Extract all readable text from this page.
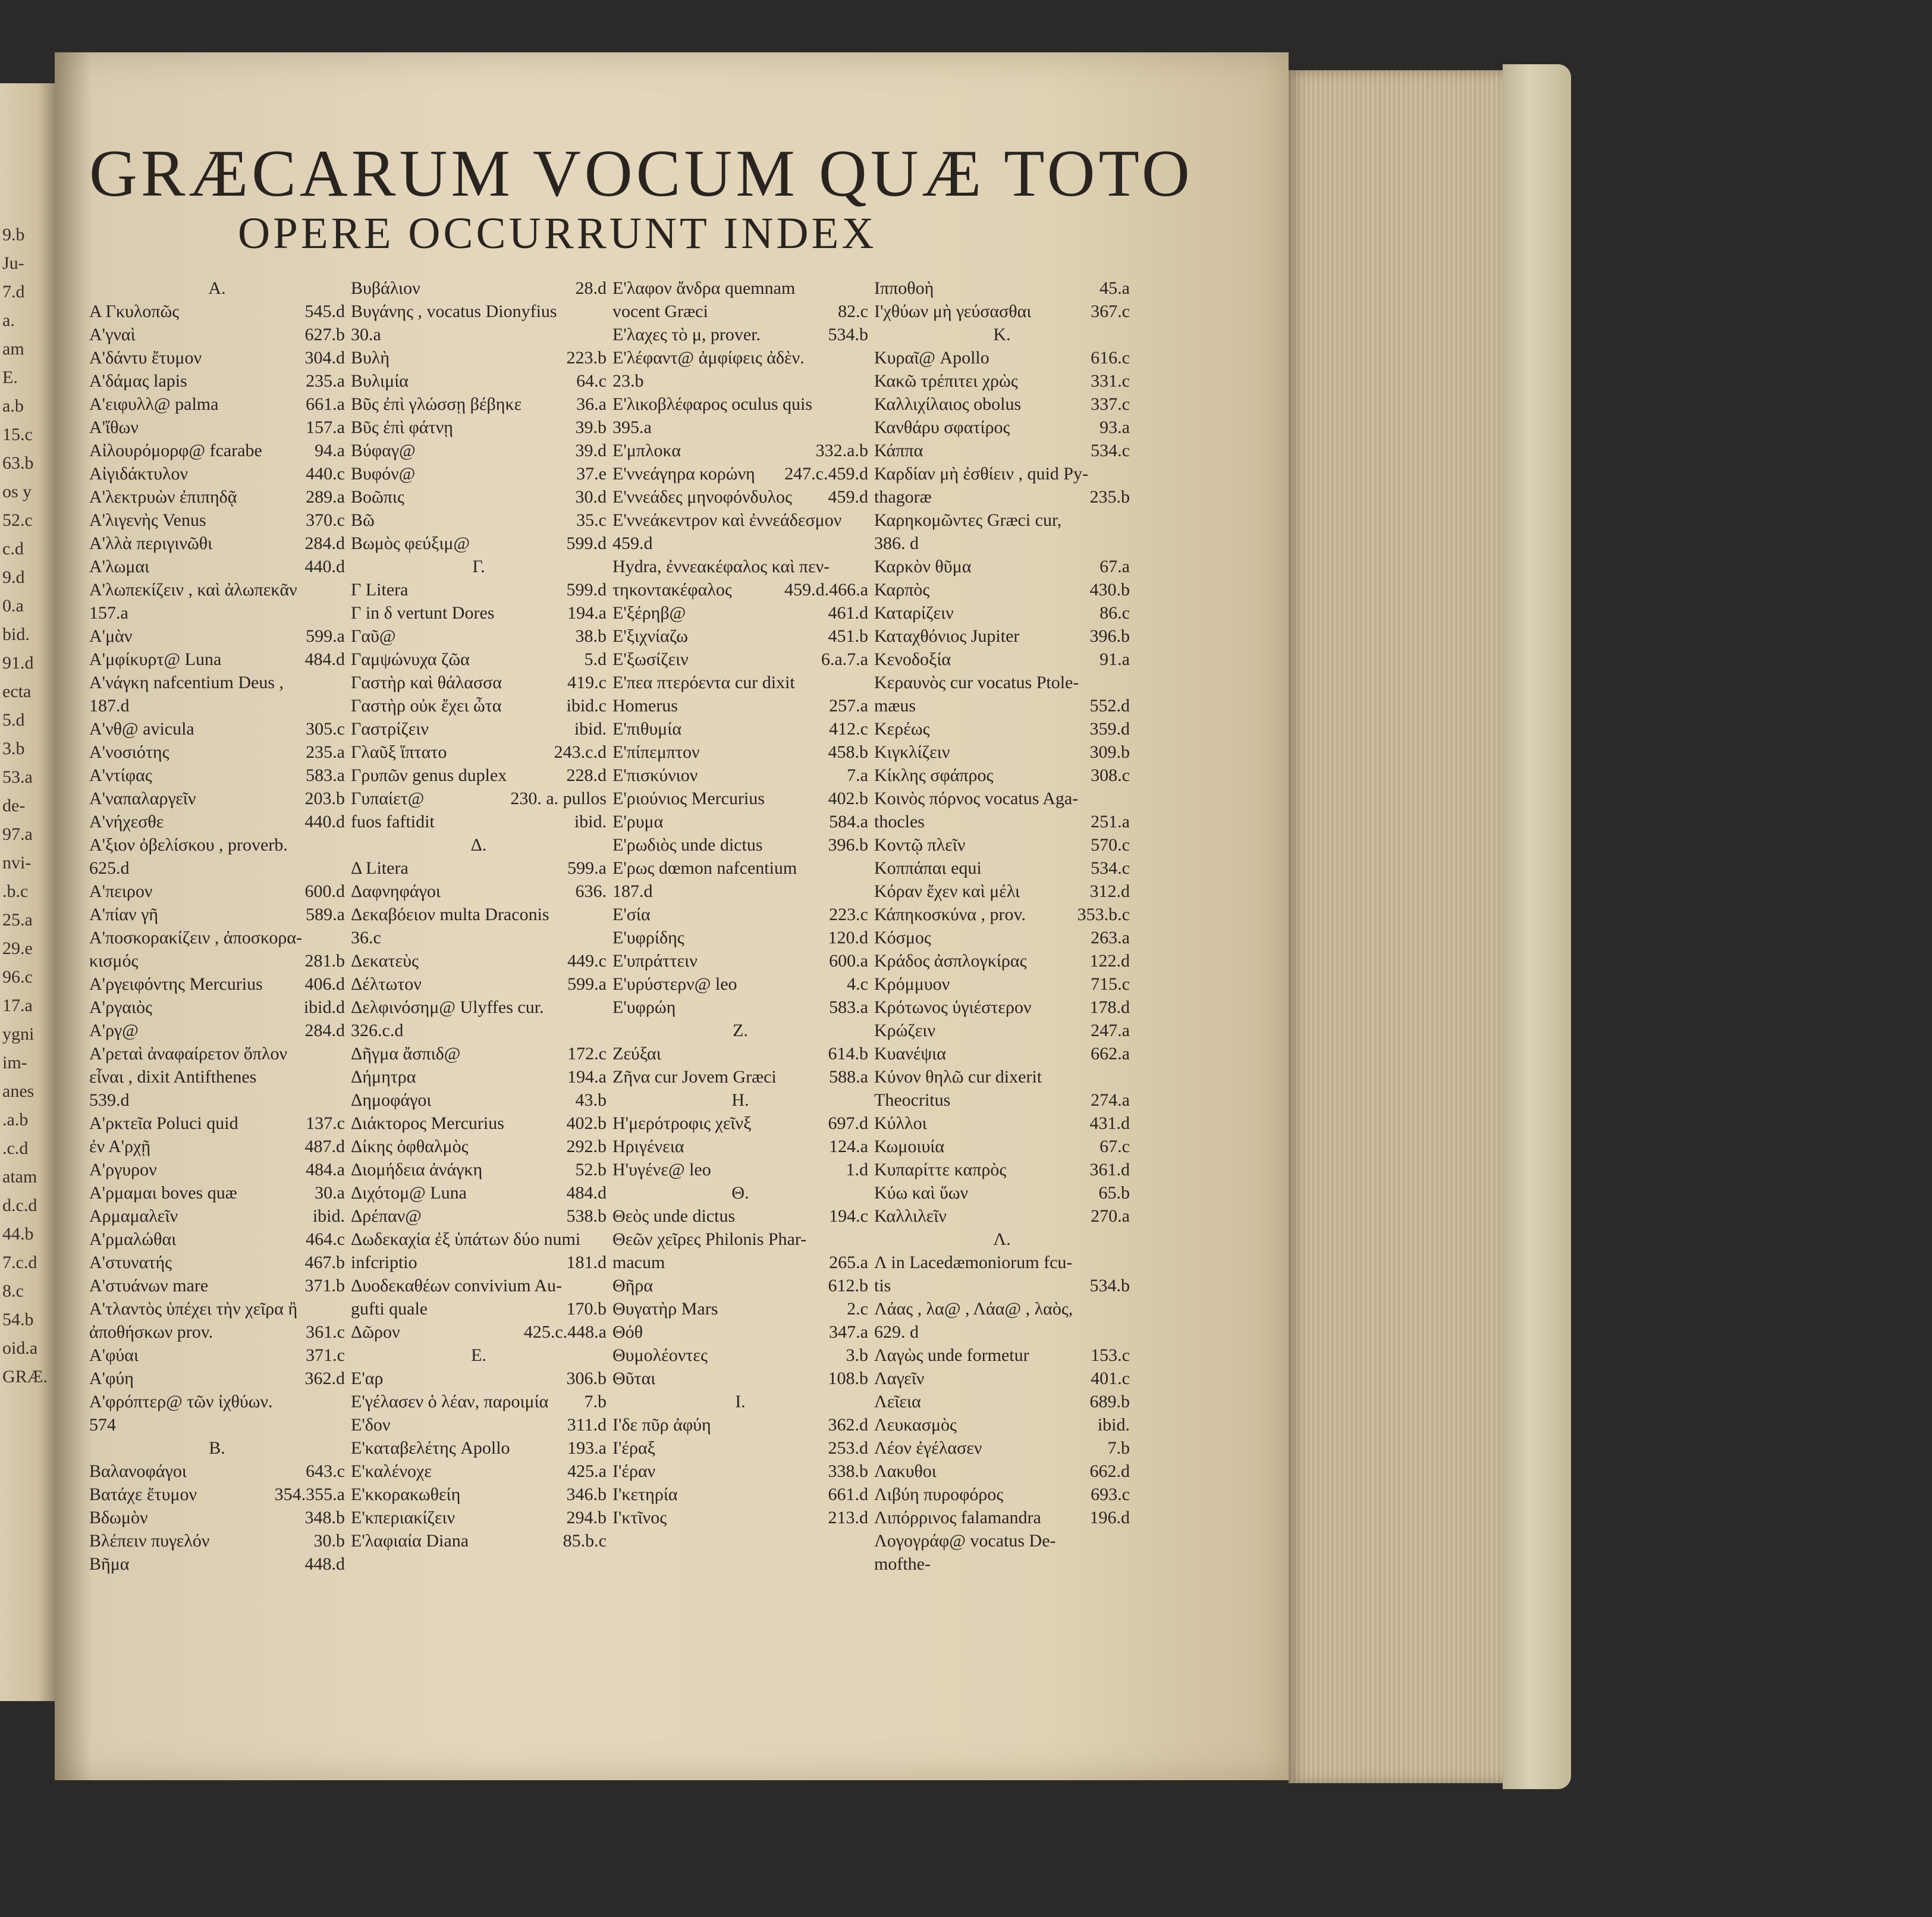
9.b
Ju-
7.d
a.
am
E.
a.b
15.c
63.b
os y
52.c
c.d
9.d
0.a
bid.
91.d
ecta
5.d
3.b
53.a
de-
97.a
nvi-
.b.c
25.a
29.e
96.c
17.a
ygni
im-
anes
.a.b
.c.d
atam
d.c.d
44.b
7.c.d
8.c
54.b
oid.a
GRÆ.
GRÆCARUM VOCUM QUÆ TOTO
OPERE OCCURRUNT INDEX
A.
A Γκυλοπῶς	545.d
Α'γναὶ	627.b
Α'δάντυ ἔτυμον	304.d
Α'δάμας lapis	235.a
Α'ειφυλλ@ palma	661.a
Α'ἴθων	157.a
Αἰλουρόμορφ@ fcarabe	94.a
Αἰγιδάκτυλον	440.c
Α'λεκτρυὼν ἐπιπηδᾷ	289.a
Α'λιγενὴς Venus	370.c
Α'λλὰ περιγινῶθι	284.d
Α'λωμαι	440.d
Α'λωπεκίζειν , καὶ ἀλωπεκᾶν
157.a
Α'μὰν	599.a
Α'μφίκυρτ@ Luna	484.d
Α'νάγκη nafcentium Deus ,
187.d
Α'νθ@ avicula	305.c
Α'νοσιότης	235.a
Α'ντίφας	583.a
Α'ναπαλαργεῖν	203.b
Α'νήχεσθε	440.d
Α'ξιον ὀβελίσκου , proverb.
625.d
Α'πειρον	600.d
Α'πίαν γῆ	589.a
Α'ποσκορακίζειν , ἀποσκορα-
κισμός	281.b
Α'ργειφόντης Mercurius 406.d
Α'ργαιὸς	ibid.d
Α'ργ@	284.d
Α'ρεταὶ ἀναφαίρετον ὅπλον
εἶναι , dixit Antifthenes
539.d
Α'ρκτεῖα Poluci quid	137.c
ἐν Α'ρχῇ	487.d
Α'ργυρον	484.a
Α'ρμαμαι boves quæ	30.a
Αρμαμαλεῖν	ibid.
Α'ρμαλώθαι	464.c
Α'στυνατής	467.b
Α'στυάνων mare	371.b
Α'τλαντὸς ὑπέχει τὴν χεῖρα ἢ
ἀποθήσκων prov.	361.c
Α'φύαι	371.c
Α'φύη	362.d
Α'φρόπτερ@ τῶν ἰχθύων.
574
B.
Βαλανοφάγοι	643.c
Βατάχε ἔτυμον	354.355.a
Βδωμὸν	348.b
Βλέπειν πυγελόν	30.b
Βῆμα	448.d
Βυβάλιον	28.d
Βυγάνης , vocatus Dionyfius
30.a
Βυλὴ	223.b
Βυλιμία	64.c
Βῦς ἐπὶ γλώσσῃ βέβηκε	36.a
Βῦς ἐπὶ φάτνῃ	39.b
Βύφαγ@	39.d
Βυφόν@	37.e
Βοῶπις	30.d
Βῶ	35.c
Βωμὸς φεύξιμ@	599.d
Γ.
Γ Litera	599.d
Γ in δ vertunt Dores	194.a
Γαῦ@	38.b
Γαμψώνυχα ζῶα	5.d
Γαστὴρ καὶ θάλασσα	419.c
Γαστὴρ οὐκ ἔχει ὦτα	ibid.c
Γαστρίζειν	ibid.
Γλαῦξ ἵπτατο	243.c.d
Γρυπῶν genus duplex	228.d
Γυπαίετ@	230. a. pullos
fuos faftidit	ibid.
Δ.
Δ Litera	599.a
Δαφνηφάγοι	636.
Δεκαβόειον multa Draconis
36.c
Δεκατεὺς	449.c
Δέλτωτον	599.a
Δελφινόσημ@ Ulyffes cur.
326.c.d
Δῆγμα ἄσπιδ@	172.c
Δήμητρα	194.a
Δημοφάγοι	43.b
Διάκτορος Mercurius	402.b
Δίκης ὀφθαλμὸς	292.b
Διομήδεια ἀνάγκη	52.b
Διχότομ@ Luna	484.d
Δρέπαν@	538.b
Δωδεκαχία ἐξ ὑπάτων δύο numi
infcriptio	181.d
Δυοδεκαθέων convivium Au-
gufti quale	170.b
Δῶρον	425.c.448.a
E.
Ε'αρ	306.b
Ε'γέλασεν ὁ λέαν, παροιμία 7.b
Ε'δον	311.d
Ε'καταβελέτης Apollo	193.a
Ε'καλένοχε	425.a
Ε'κκορακωθείη	346.b
Ε'κπεριακίζειν	294.b
Ε'λαφιαία Diana	85.b.c
Ε'λαφον ἄνδρα quemnam
vocent Græci	82.c
Ε'λαχες τὸ μ, prover.	534.b
Ε'λέφαντ@ ἀμφίφεις ἀδὲν.
23.b
Ε'λικοβλέφαρος oculus quis
395.a
Ε'μπλοκα	332.a.b
Ε'ννεάγηρα κορώνη 247.c.459.d
Ε'ννεάδες μηνοφόνδυλος 459.d
Ε'ννεάκεντρον καὶ ἐννεάδεσμον
459.d
Hydra, ἐννεακέφαλος καὶ πεν-
τηκοντακέφαλος	459.d.466.a
Ε'ξέρηβ@	461.d
Ε'ξιχνίαζω	451.b
Ε'ξωσίζειν	6.a.7.a
Ε'πεα πτερόεντα cur dixit
Homerus	257.a
Ε'πιθυμία	412.c
Ε'πίπεμπτον	458.b
Ε'πισκύνιον	7.a
Ε'ριούνιος Mercurius	402.b
Ε'ρυμα	584.a
Ε'ρωδιὸς unde dictus	396.b
Ε'ρως dœmon nafcentium
187.d
Ε'σία	223.c
Ε'υφρίδης	120.d
Ε'υπράττειν	600.a
Ε'υρύστερν@ leo	4.c
Ε'υφρώη	583.a
Z.
Ζεύξαι	614.b
Ζῆνα cur Jovem Græci	588.a
H.
Η'μερότροφις χεῖνξ	697.d
Ηριγένεια	124.a
Η'υγένε@ leo	1.d
Θ.
Θεὸς unde dictus	194.c
Θεῶν χεῖρες Philonis Phar-
macum	265.a
Θῆρα	612.b
Θυγατὴρ Mars	2.c
Θόθ	347.a
Θυμολέοντες	3.b
Θῦται	108.b
I.
Ι'δε πῦρ ἀφύη	362.d
Ι'έραξ	253.d
Ι'έραν	338.b
Ι'κετηρία	661.d
Ι'κτῖνος	213.d
Ιππoθοὴ	45.a
Ι'χθύων μὴ γεύσασθαι	367.c
K.
Κυραῖ@ Apollo	616.c
Κακῶ τρέπιτει χρὼς	331.c
Καλλιχίλαιος obolus	337.c
Κανθάρυ σφατίρος	93.a
Κάππα	534.c
Καρδίαν μὴ ἐσθίειν , quid Py-
thagoræ	235.b
Καρηκομῶντες Græci cur,
386. d
Καρκὸν θῦμα	67.a
Καρπὸς	430.b
Καταρίζειν	86.c
Καταχθόνιος Jupiter	396.b
Κενοδοξία	91.a
Κεραυνὸς cur vocatus Ptole-
mæus	552.d
Κερέως	359.d
Κιγκλίζειν	309.b
Κίκλης σφάπρος	308.c
Κοινὸς πόρνος vocatus Aga-
thocles	251.a
Κοντῷ πλεῖν	570.c
Κοππάπαι equi	534.c
Κόραν ἔχεν καὶ μέλι	312.d
Κάπηκοσκύνα , prov.	353.b.c
Κόσμος	263.a
Κράδος ἀσπλογκίρας	122.d
Κρόμμυον	715.c
Κρότωνος ὑγιέστερον	178.d
Κρώζειν	247.a
Κυανέψια	662.a
Κύνον θηλῶ cur dixerit
Theocritus	274.a
Κύλλοι	431.d
Κωμοιυία	67.c
Κυπαρίττε καπρὸς	361.d
Κύω καὶ ὕων	65.b
Καλλιλεῖν	270.a
Λ.
Λ in Lacedæmoniorum fcu-
tis	534.b
Λάας , λα@ , Λάα@ , λαὸς,
629. d
Λαγὼς unde formetur	153.c
Λαγεῖν	401.c
Λεῖεια	689.b
Λευκασμὸς	ibid.
Λέον ἐγέλασεν	7.b
Λακυθοι	662.d
Λιβύη πυροφόρος	693.c
Λιπόρρινος falamandra	196.d
Λογογράφ@ vocatus De-
mofthe-
